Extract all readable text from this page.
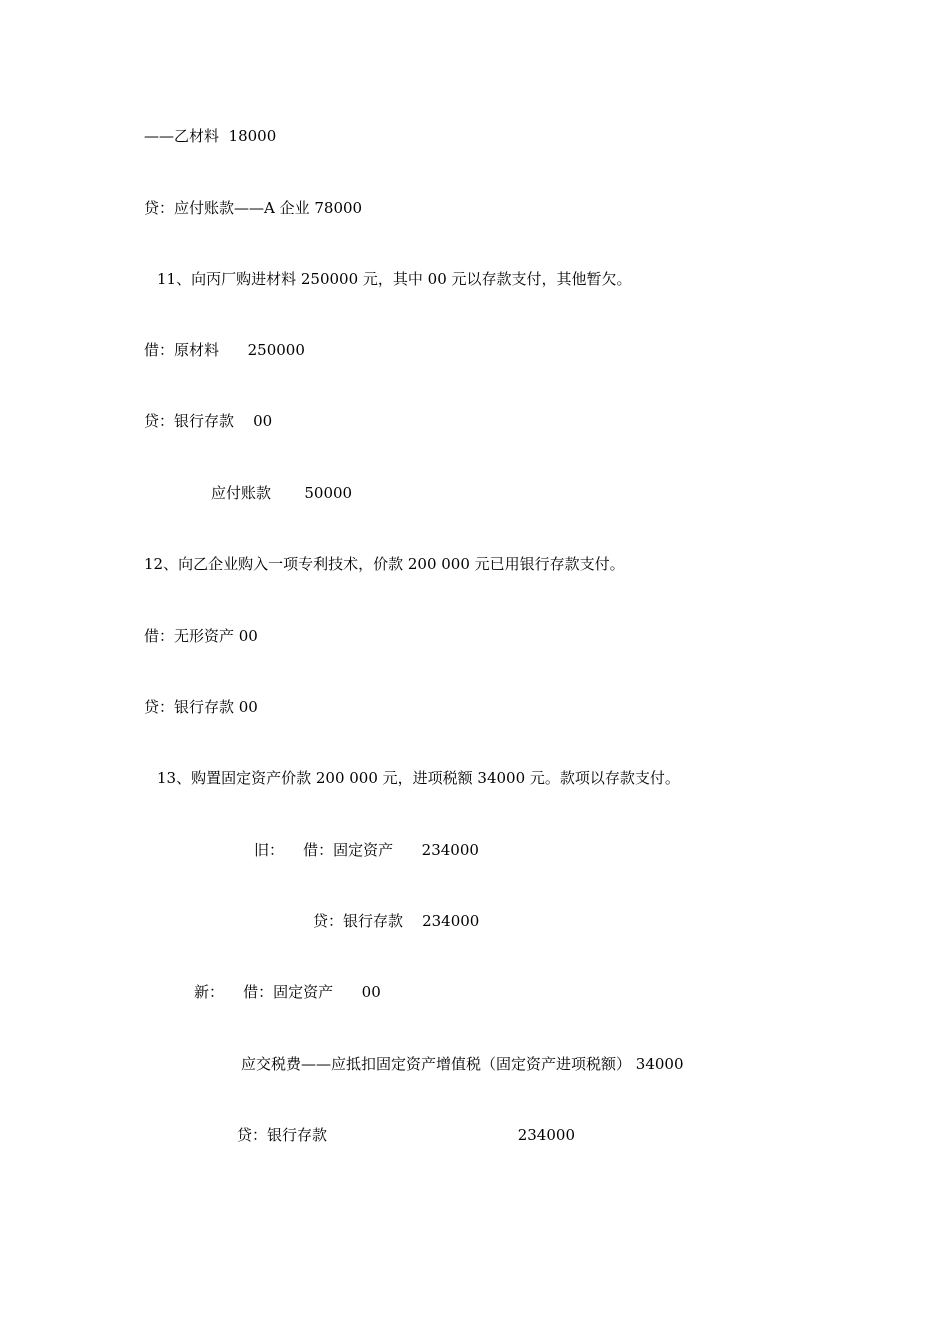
——乙材料  18000
贷：应付账款——A 企业 78000
11、向丙厂购进材料 250000 元，其中 00 元以存款支付，其他暂欠。
借：原材料      250000
贷：银行存款    00
应付账款       50000
12、向乙企业购入一项专利技术，价款 200 000 元已用银行存款支付。
借：无形资产 00
贷：银行存款 00
13、购置固定资产价款 200 000 元，进项税额 34000 元。款项以存款支付。
旧：    借：固定资产      234000
贷：银行存款    234000
新：    借：固定资产      00
应交税费——应抵扣固定资产增值税（固定资产进项税额） 34000
贷：银行存款                                        234000
